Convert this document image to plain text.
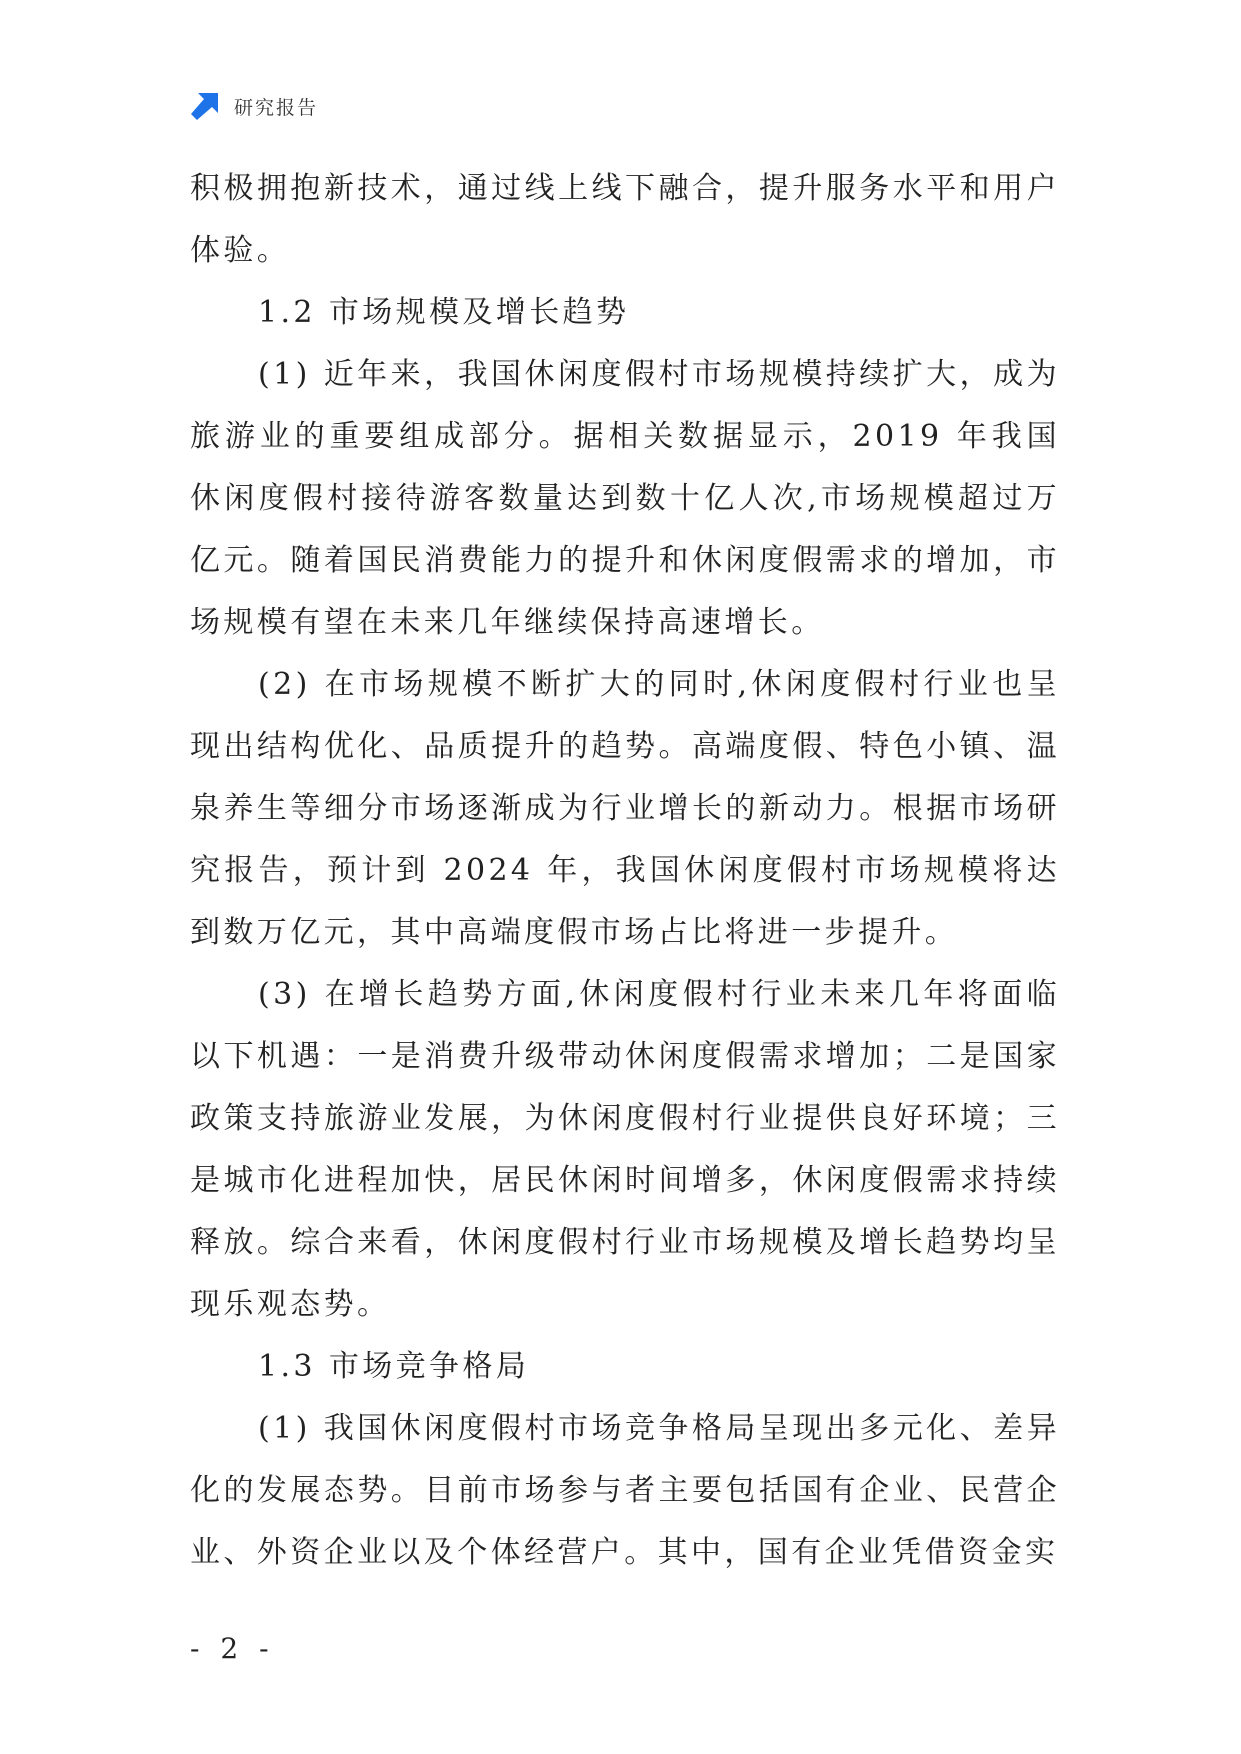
研究报告

积极拥抱新技术，通过线上线下融合，提升服务水平和用户体验。

1.2 市场规模及增长趋势

(1) 近年来，我国休闲度假村市场规模持续扩大，成为旅游业的重要组成部分。据相关数据显示，2019 年我国休闲度假村接待游客数量达到数十亿人次,市场规模超过万亿元。随着国民消费能力的提升和休闲度假需求的增加，市场规模有望在未来几年继续保持高速增长。

(2) 在市场规模不断扩大的同时,休闲度假村行业也呈现出结构优化、品质提升的趋势。高端度假、特色小镇、温泉养生等细分市场逐渐成为行业增长的新动力。根据市场研究报告，预计到 2024 年，我国休闲度假村市场规模将达到数万亿元，其中高端度假市场占比将进一步提升。

(3) 在增长趋势方面,休闲度假村行业未来几年将面临以下机遇：一是消费升级带动休闲度假需求增加；二是国家政策支持旅游业发展，为休闲度假村行业提供良好环境；三是城市化进程加快，居民休闲时间增多，休闲度假需求持续释放。综合来看，休闲度假村行业市场规模及增长趋势均呈现乐观态势。

1.3 市场竞争格局

(1) 我国休闲度假村市场竞争格局呈现出多元化、差异化的发展态势。目前市场参与者主要包括国有企业、民营企业、外资企业以及个体经营户。其中，国有企业凭借资金实

- 2 -
